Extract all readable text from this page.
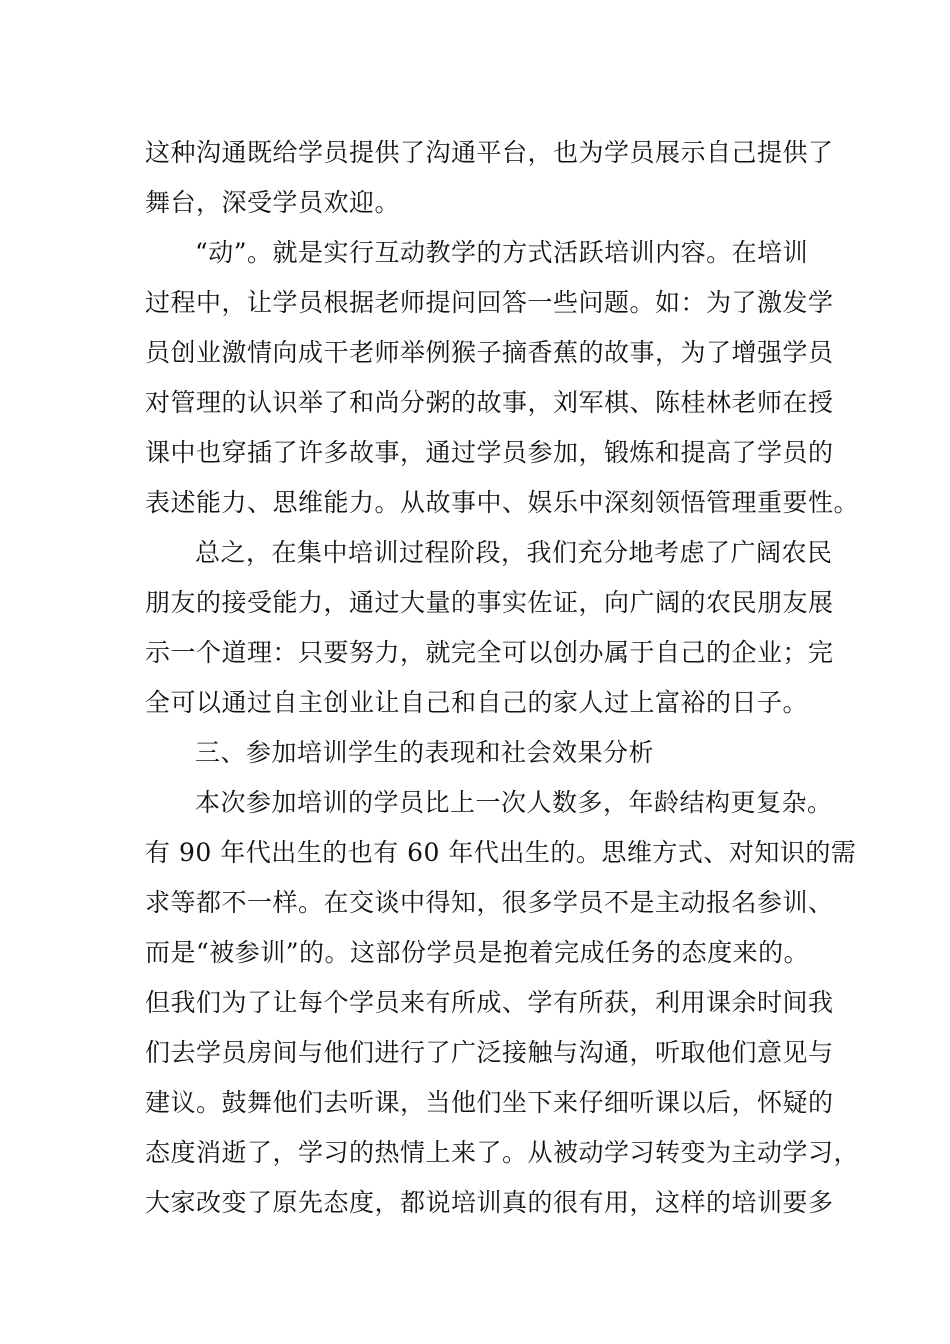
这种沟通既给学员提供了沟通平台，也为学员展示自己提供了
舞台，深受学员欢迎。
“动”。就是实行互动教学的方式活跃培训内容。在培训
过程中，让学员根据老师提问回答一些问题。如：为了激发学
员创业激情向成干老师举例猴子摘香蕉的故事，为了增强学员
对管理的认识举了和尚分粥的故事，刘军棋、陈桂林老师在授
课中也穿插了许多故事，通过学员参加，锻炼和提高了学员的
表述能力、思维能力。从故事中、娱乐中深刻领悟管理重要性。
总之，在集中培训过程阶段，我们充分地考虑了广阔农民
朋友的接受能力，通过大量的事实佐证，向广阔的农民朋友展
示一个道理：只要努力，就完全可以创办属于自己的企业；完
全可以通过自主创业让自己和自己的家人过上富裕的日子。
三、参加培训学生的表现和社会效果分析
本次参加培训的学员比上一次人数多，年龄结构更复杂。
有 90 年代出生的也有 60 年代出生的。思维方式、对知识的需
求等都不一样。在交谈中得知，很多学员不是主动报名参训、
而是“被参训”的。这部份学员是抱着完成任务的态度来的。
但我们为了让每个学员来有所成、学有所获，利用课余时间我
们去学员房间与他们进行了广泛接触与沟通，听取他们意见与
建议。鼓舞他们去听课，当他们坐下来仔细听课以后，怀疑的
态度消逝了，学习的热情上来了。从被动学习转变为主动学习，
大家改变了原先态度，都说培训真的很有用，这样的培训要多
